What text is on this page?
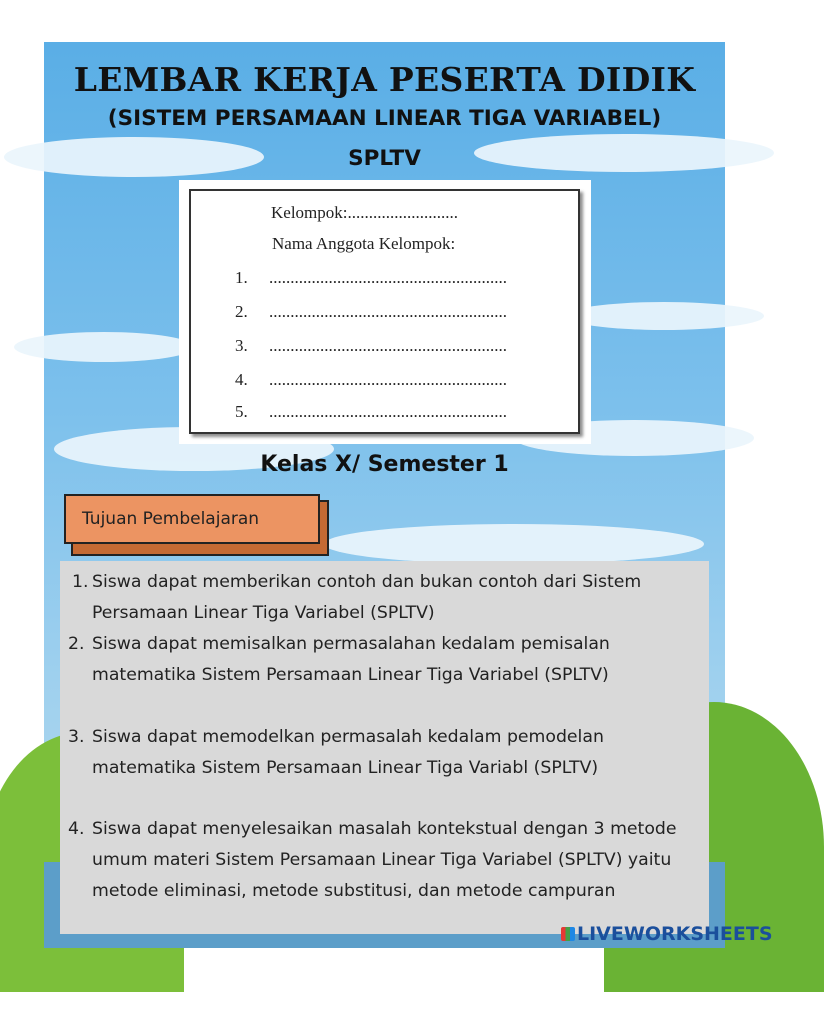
LEMBAR KERJA PESERTA DIDIK
(SISTEM PERSAMAAN LINEAR TIGA VARIABEL)
SPLTV
Kelompok:..........................
Nama Anggota Kelompok:
1. ........................................................
2. ........................................................
3. ........................................................
4. ........................................................
5. ........................................................
Kelas X/ Semester 1
Tujuan Pembelajaran
1. Siswa dapat memberikan contoh dan bukan contoh dari Sistem Persamaan Linear Tiga Variabel (SPLTV)
2. Siswa dapat memisalkan permasalahan kedalam pemisalan matematika Sistem Persamaan Linear Tiga Variabel (SPLTV)
3. Siswa dapat memodelkan permasalah kedalam pemodelan matematika Sistem Persamaan Linear Tiga Variabl (SPLTV)
4. Siswa dapat menyelesaikan masalah kontekstual dengan 3 metode umum materi Sistem Persamaan Linear Tiga Variabel (SPLTV) yaitu metode eliminasi, metode substitusi, dan metode campuran
LIVEWORKSHEETS
